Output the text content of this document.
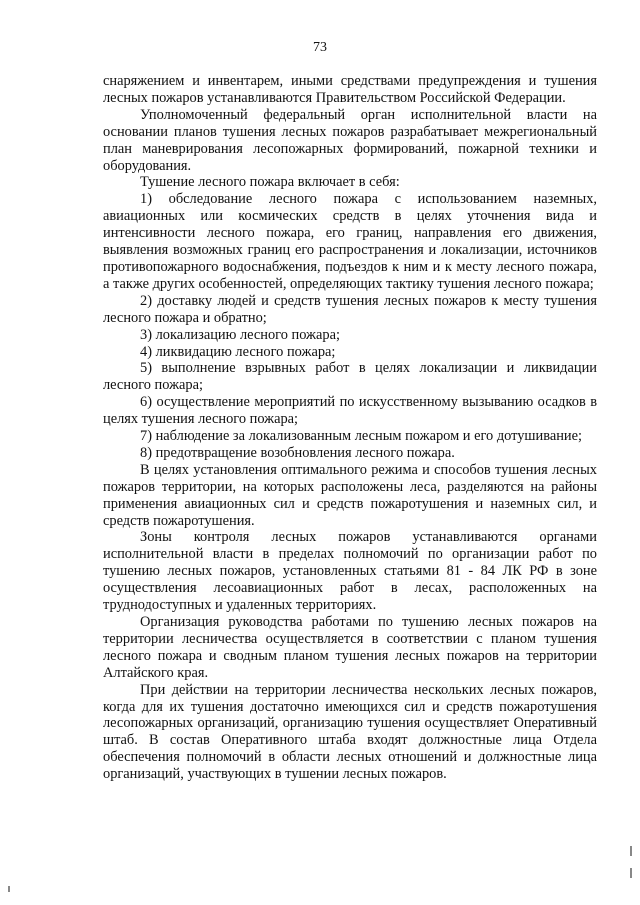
73

снаряжением и инвентарем, иными средствами предупреждения и тушения лесных пожаров устанавливаются Правительством Российской Федерации.

Уполномоченный федеральный орган исполнительной власти на основании планов тушения лесных пожаров разрабатывает межрегиональный план маневрирования лесопожарных формирований, пожарной техники и оборудования.

Тушение лесного пожара включает в себя:

1) обследование лесного пожара с использованием наземных, авиационных или космических средств в целях уточнения вида и интенсивности лесного пожара, его границ, направления его движения, выявления возможных границ его распространения и локализации, источников противопожарного водоснабжения, подъездов к ним и к месту лесного пожара, а также других особенностей, определяющих тактику тушения лесного пожара;

2) доставку людей и средств тушения лесных пожаров к месту тушения лесного пожара и обратно;

3) локализацию лесного пожара;

4) ликвидацию лесного пожара;

5) выполнение взрывных работ в целях локализации и ликвидации лесного пожара;

6) осуществление мероприятий по искусственному вызыванию осадков в целях тушения лесного пожара;

7) наблюдение за локализованным лесным пожаром и его дотушивание;

8) предотвращение возобновления лесного пожара.

В целях установления оптимального режима и способов тушения лесных пожаров территории, на которых расположены леса, разделяются на районы применения авиационных сил и средств пожаротушения и наземных сил, и средств пожаротушения.

Зоны контроля лесных пожаров устанавливаются органами исполнительной власти в пределах полномочий по организации работ по тушению лесных пожаров, установленных статьями 81 - 84 ЛК РФ в зоне осуществления лесоавиационных работ в лесах, расположенных на труднодоступных и удаленных территориях.

Организация руководства работами по тушению лесных пожаров на территории лесничества осуществляется в соответствии с планом тушения лесного пожара и сводным планом тушения лесных пожаров на территории Алтайского края.

При действии на территории лесничества нескольких лесных пожаров, когда для их тушения достаточно имеющихся сил и средств пожаротушения лесопожарных организаций, организацию тушения осуществляет Оперативный штаб. В состав Оперативного штаба входят должностные лица Отдела обеспечения полномочий в области лесных отношений и должностные лица организаций, участвующих в тушении лесных пожаров.
